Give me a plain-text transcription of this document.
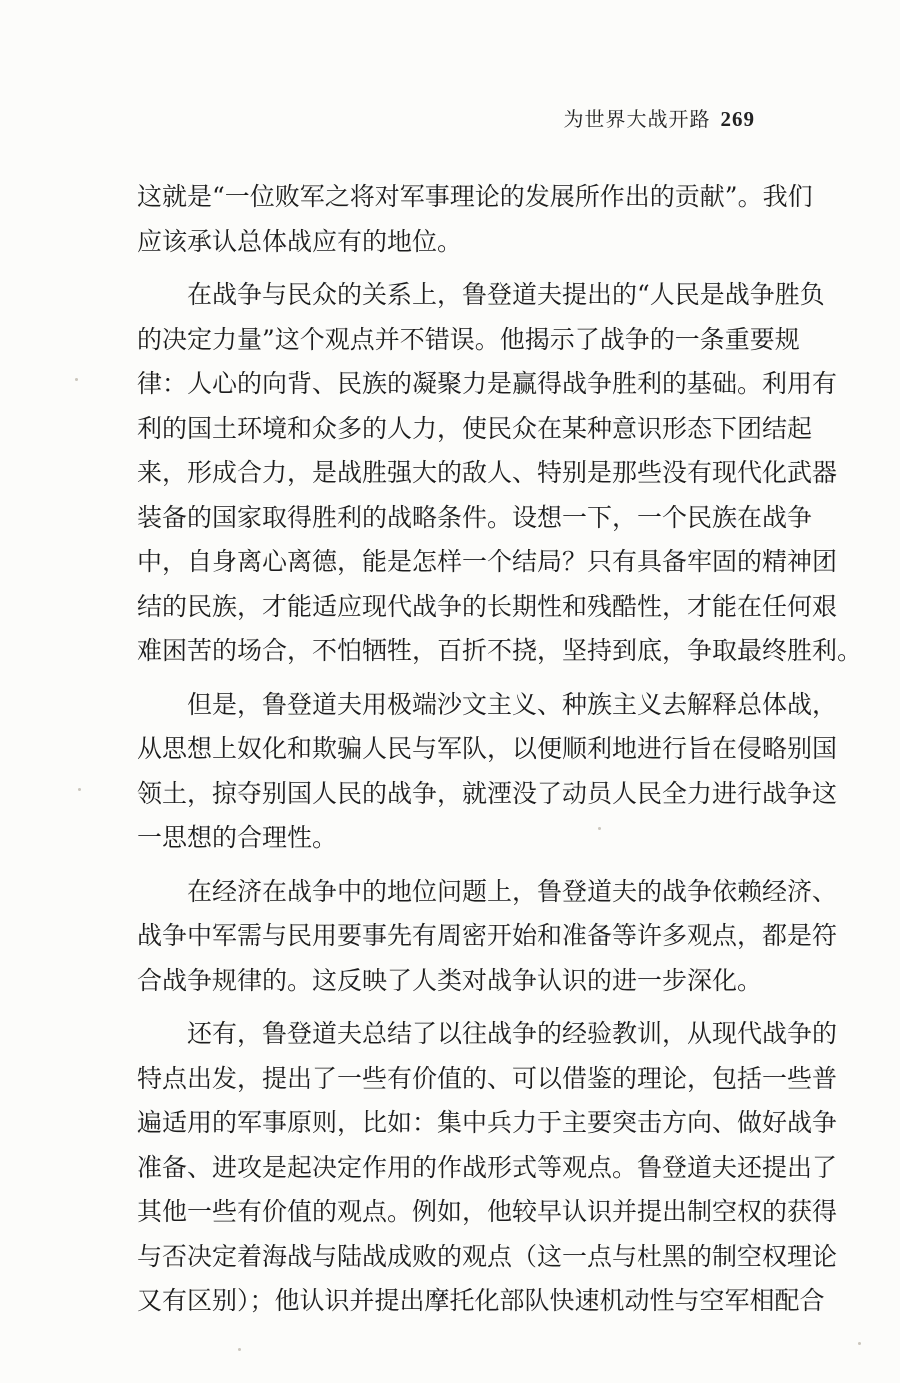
为世界大战开路 269

这就是“一位败军之将对军事理论的发展所作出的贡献”。我们
应该承认总体战应有的地位。

在战争与民众的关系上，鲁登道夫提出的“人民是战争胜负
的决定力量”这个观点并不错误。他揭示了战争的一条重要规
律：人心的向背、民族的凝聚力是赢得战争胜利的基础。利用有
利的国土环境和众多的人力，使民众在某种意识形态下团结起
来，形成合力，是战胜强大的敌人、特别是那些没有现代化武器
装备的国家取得胜利的战略条件。设想一下，一个民族在战争
中，自身离心离德，能是怎样一个结局？只有具备牢固的精神团
结的民族，才能适应现代战争的长期性和残酷性，才能在任何艰
难困苦的场合，不怕牺牲，百折不挠，坚持到底，争取最终胜利。

但是，鲁登道夫用极端沙文主义、种族主义去解释总体战，
从思想上奴化和欺骗人民与军队，以便顺利地进行旨在侵略别国
领土，掠夺别国人民的战争，就湮没了动员人民全力进行战争这
一思想的合理性。

在经济在战争中的地位问题上，鲁登道夫的战争依赖经济、
战争中军需与民用要事先有周密开始和准备等许多观点，都是符
合战争规律的。这反映了人类对战争认识的进一步深化。

还有，鲁登道夫总结了以往战争的经验教训，从现代战争的
特点出发，提出了一些有价值的、可以借鉴的理论，包括一些普
遍适用的军事原则，比如：集中兵力于主要突击方向、做好战争
准备、进攻是起决定作用的作战形式等观点。鲁登道夫还提出了
其他一些有价值的观点。例如，他较早认识并提出制空权的获得
与否决定着海战与陆战成败的观点（这一点与杜黑的制空权理论
又有区别）；他认识并提出摩托化部队快速机动性与空军相配合
